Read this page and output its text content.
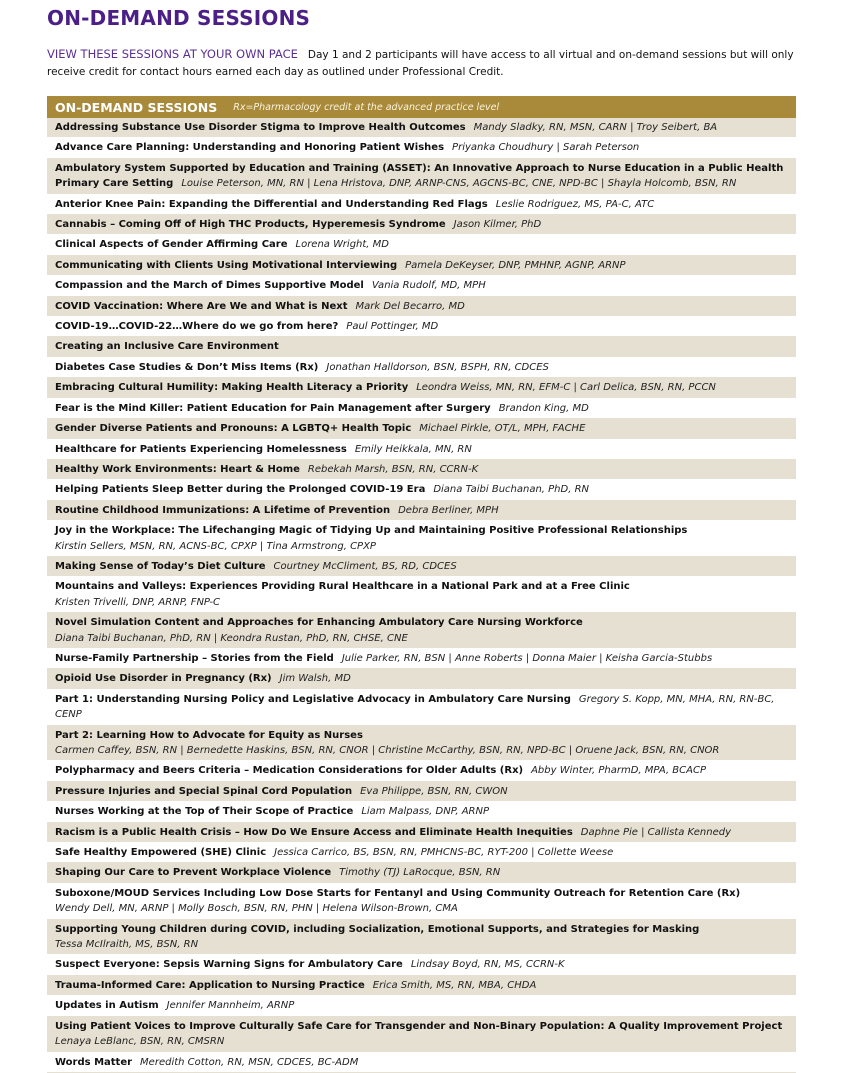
ON-DEMAND SESSIONS
VIEW THESE SESSIONS AT YOUR OWN PACE Day 1 and 2 participants will have access to all virtual and on-demand sessions but will only receive credit for contact hours earned each day as outlined under Professional Credit.
ON-DEMAND SESSIONS Rx=Pharmacology credit at the advanced practice level
Addressing Substance Use Disorder Stigma to Improve Health Outcomes Mandy Sladky, RN, MSN, CARN | Troy Seibert, BA
Advance Care Planning: Understanding and Honoring Patient Wishes Priyanka Choudhury | Sarah Peterson
Ambulatory System Supported by Education and Training (ASSET): An Innovative Approach to Nurse Education in a Public Health Primary Care Setting Louise Peterson, MN, RN | Lena Hristova, DNP, ARNP-CNS, AGCNS-BC, CNE, NPD-BC | Shayla Holcomb, BSN, RN
Anterior Knee Pain: Expanding the Differential and Understanding Red Flags Leslie Rodriguez, MS, PA-C, ATC
Cannabis – Coming Off of High THC Products, Hyperemesis Syndrome Jason Kilmer, PhD
Clinical Aspects of Gender Affirming Care Lorena Wright, MD
Communicating with Clients Using Motivational Interviewing Pamela DeKeyser, DNP, PMHNP, AGNP, ARNP
Compassion and the March of Dimes Supportive Model Vania Rudolf, MD, MPH
COVID Vaccination: Where Are We and What is Next Mark Del Becarro, MD
COVID-19…COVID-22…Where do we go from here? Paul Pottinger, MD
Creating an Inclusive Care Environment
Diabetes Case Studies & Don’t Miss Items (Rx) Jonathan Halldorson, BSN, BSPH, RN, CDCES
Embracing Cultural Humility: Making Health Literacy a Priority Leondra Weiss, MN, RN, EFM-C | Carl Delica, BSN, RN, PCCN
Fear is the Mind Killer: Patient Education for Pain Management after Surgery Brandon King, MD
Gender Diverse Patients and Pronouns: A LGBTQ+ Health Topic Michael Pirkle, OT/L, MPH, FACHE
Healthcare for Patients Experiencing Homelessness Emily Heikkala, MN, RN
Healthy Work Environments: Heart & Home Rebekah Marsh, BSN, RN, CCRN-K
Helping Patients Sleep Better during the Prolonged COVID-19 Era Diana Taibi Buchanan, PhD, RN
Routine Childhood Immunizations: A Lifetime of Prevention Debra Berliner, MPH
Joy in the Workplace: The Lifechanging Magic of Tidying Up and Maintaining Positive Professional Relationships
Kirstin Sellers, MSN, RN, ACNS-BC, CPXP | Tina Armstrong, CPXP
Making Sense of Today’s Diet Culture Courtney McCliment, BS, RD, CDCES
Mountains and Valleys: Experiences Providing Rural Healthcare in a National Park and at a Free Clinic
Kristen Trivelli, DNP, ARNP, FNP-C
Novel Simulation Content and Approaches for Enhancing Ambulatory Care Nursing Workforce
Diana Taibi Buchanan, PhD, RN | Keondra Rustan, PhD, RN, CHSE, CNE
Nurse-Family Partnership – Stories from the Field Julie Parker, RN, BSN | Anne Roberts | Donna Maier | Keisha Garcia-Stubbs
Opioid Use Disorder in Pregnancy (Rx) Jim Walsh, MD
Part 1: Understanding Nursing Policy and Legislative Advocacy in Ambulatory Care Nursing Gregory S. Kopp, MN, MHA, RN, RN-BC, CENP
Part 2: Learning How to Advocate for Equity as Nurses
Carmen Caffey, BSN, RN | Bernedette Haskins, BSN, RN, CNOR | Christine McCarthy, BSN, RN, NPD-BC | Oruene Jack, BSN, RN, CNOR
Polypharmacy and Beers Criteria – Medication Considerations for Older Adults (Rx) Abby Winter, PharmD, MPA, BCACP
Pressure Injuries and Special Spinal Cord Population Eva Philippe, BSN, RN, CWON
Nurses Working at the Top of Their Scope of Practice Liam Malpass, DNP, ARNP
Racism is a Public Health Crisis – How Do We Ensure Access and Eliminate Health Inequities Daphne Pie | Callista Kennedy
Safe Healthy Empowered (SHE) Clinic Jessica Carrico, BS, BSN, RN, PMHCNS-BC, RYT-200 | Collette Weese
Shaping Our Care to Prevent Workplace Violence Timothy (TJ) LaRocque, BSN, RN
Suboxone/MOUD Services Including Low Dose Starts for Fentanyl and Using Community Outreach for Retention Care (Rx)
Wendy Dell, MN, ARNP | Molly Bosch, BSN, RN, PHN | Helena Wilson-Brown, CMA
Supporting Young Children during COVID, including Socialization, Emotional Supports, and Strategies for Masking
Tessa McIlraith, MS, BSN, RN
Suspect Everyone: Sepsis Warning Signs for Ambulatory Care Lindsay Boyd, RN, MS, CCRN-K
Trauma-Informed Care: Application to Nursing Practice Erica Smith, MS, RN, MBA, CHDA
Updates in Autism Jennifer Mannheim, ARNP
Using Patient Voices to Improve Culturally Safe Care for Transgender and Non-Binary Population: A Quality Improvement Project
Lenaya LeBlanc, BSN, RN, CMSRN
Words Matter Meredith Cotton, RN, MSN, CDCES, BC-ADM
